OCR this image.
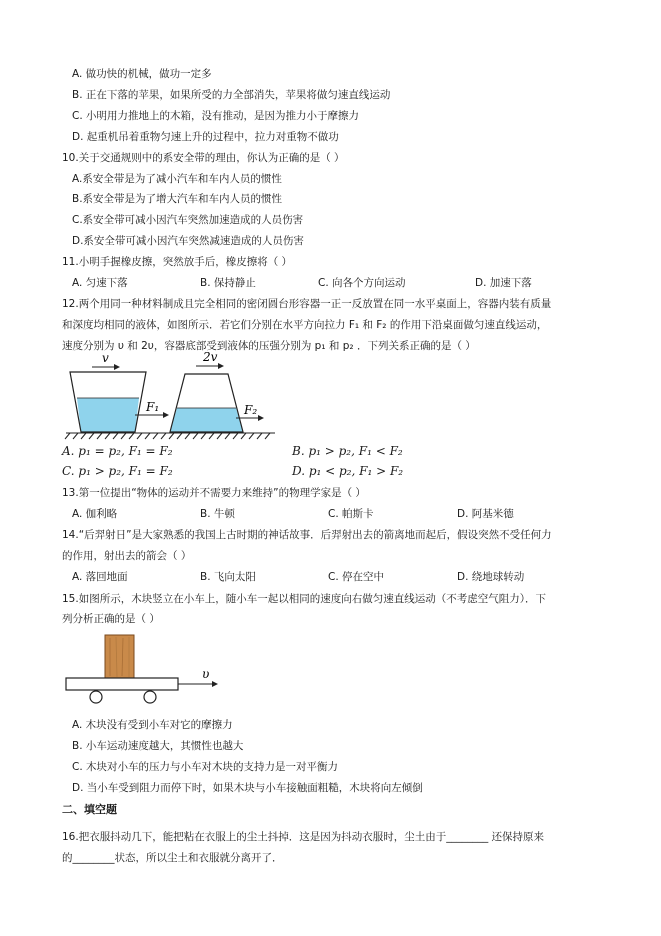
A. 做功快的机械，做功一定多
B. 正在下落的苹果，如果所受的力全部消失，苹果将做匀速直线运动
C. 小明用力推地上的木箱，没有推动，是因为推力小于摩擦力
D. 起重机吊着重物匀速上升的过程中，拉力对重物不做功
10.关于交通规则中的系安全带的理由，你认为正确的是（ ）
A.系安全带是为了减小汽车和车内人员的惯性
B.系安全带是为了增大汽车和车内人员的惯性
C.系安全带可减小因汽车突然加速造成的人员伤害
D.系安全带可减小因汽车突然减速造成的人员伤害
11.小明手握橡皮擦，突然放手后，橡皮擦将（ ）
A. 匀速下落	B. 保持静止	C. 向各个方向运动	D. 加速下落
12.两个用同一种材料制成且完全相同的密闭圆台形容器一正一反放置在同一水平桌面上，容器内装有质量
和深度均相同的液体，如图所示．若它们分别在水平方向拉力 F₁ 和 F₂ 的作用下沿桌面做匀速直线运动，
速度分别为 υ 和 2υ，容器底部受到液体的压强分别为 p₁ 和 p₂ ．下列关系正确的是（ ）
v
F₁
2v
F₂
A. p₁ = p₂, F₁ = F₂	B. p₁ > p₂, F₁ < F₂
C. p₁ > p₂, F₁ = F₂	D. p₁ < p₂, F₁ > F₂
13.第一位提出“物体的运动并不需要力来维持”的物理学家是（ ）
A. 伽利略	B. 牛顿	C. 帕斯卡	D. 阿基米德
14.“后羿射日”是大家熟悉的我国上古时期的神话故事．后羿射出去的箭离地而起后，假设突然不受任何力
的作用，射出去的箭会（ ）
A. 落回地面	B. 飞向太阳	C. 停在空中	D. 绕地球转动
15.如图所示，木块竖立在小车上，随小车一起以相同的速度向右做匀速直线运动（不考虑空气阻力）．下
列分析正确的是（ ）
υ
A. 木块没有受到小车对它的摩擦力
B. 小车运动速度越大，其惯性也越大
C. 木块对小车的压力与小车对木块的支持力是一对平衡力
D. 当小车受到阻力而停下时，如果木块与小车接触面粗糙，木块将向左倾倒
二、填空题
16.把衣服抖动几下，能把粘在衣服上的尘土抖掉．这是因为抖动衣服时，尘土由于________ 还保持原来
的________状态，所以尘土和衣服就分离开了．
